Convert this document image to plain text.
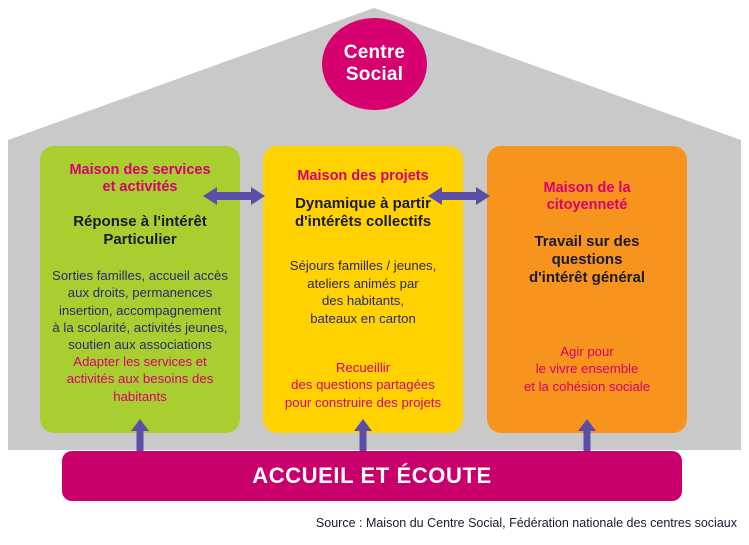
Centre
Social
Maison des services
et activités
Réponse à l'intérêt
Particulier
Sorties familles, accueil accès
aux droits, permanences
insertion, accompagnement
à la scolarité, activités jeunes,
soutien aux associations
Adapter les services et
activités aux besoins des
habitants
Maison des projets
Dynamique à partir
d'intérêts collectifs
Séjours familles / jeunes,
ateliers animés par
des habitants,
bateaux en carton
Recueillir
des questions partagées
pour construire des projets
Maison de la
citoyenneté
Travail sur des questions
d'intérêt général
Agir pour
le vivre ensemble
et la cohésion sociale
ACCUEIL ET ÉCOUTE
Source : Maison du Centre Social, Fédération nationale des centres sociaux
